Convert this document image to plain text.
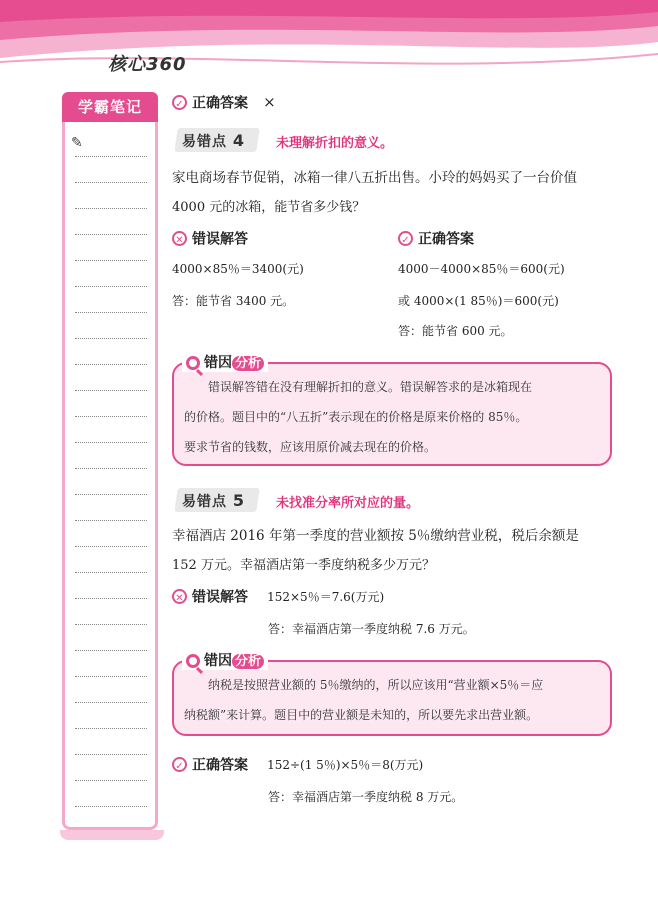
核心360
学霸笔记
✎
✓ 正确答案 ×
易错点 4 未理解折扣的意义。
家电商场春节促销，冰箱一律八五折出售。小玲的妈妈买了一台价值
4000 元的冰箱，能节省多少钱？
✕ 错误解答
4000×85％＝3400(元)
答：能节省 3400 元。
✓ 正确答案
4000－4000×85％＝600(元)
或 4000×(1 85％)＝600(元)
答：能节省 600 元。
错误解答错在没有理解折扣的意义。错误解答求的是冰箱现在
的价格。题目中的“八五折”表示现在的价格是原来价格的 85％。
要求节省的钱数，应该用原价减去现在的价格。
错因 分析
易错点 5 未找准分率所对应的量。
幸福酒店 2016 年第一季度的营业额按 5％缴纳营业税，税后余额是
152 万元。幸福酒店第一季度纳税多少万元？
✕ 错误解答 152×5％＝7.6(万元)
答：幸福酒店第一季度纳税 7.6 万元。
纳税是按照营业额的 5％缴纳的，所以应该用“营业额×5％＝应
纳税额”来计算。题目中的营业额是未知的，所以要先求出营业额。
错因 分析
✓ 正确答案 152÷(1 5％)×5％＝8(万元)
答：幸福酒店第一季度纳税 8 万元。
